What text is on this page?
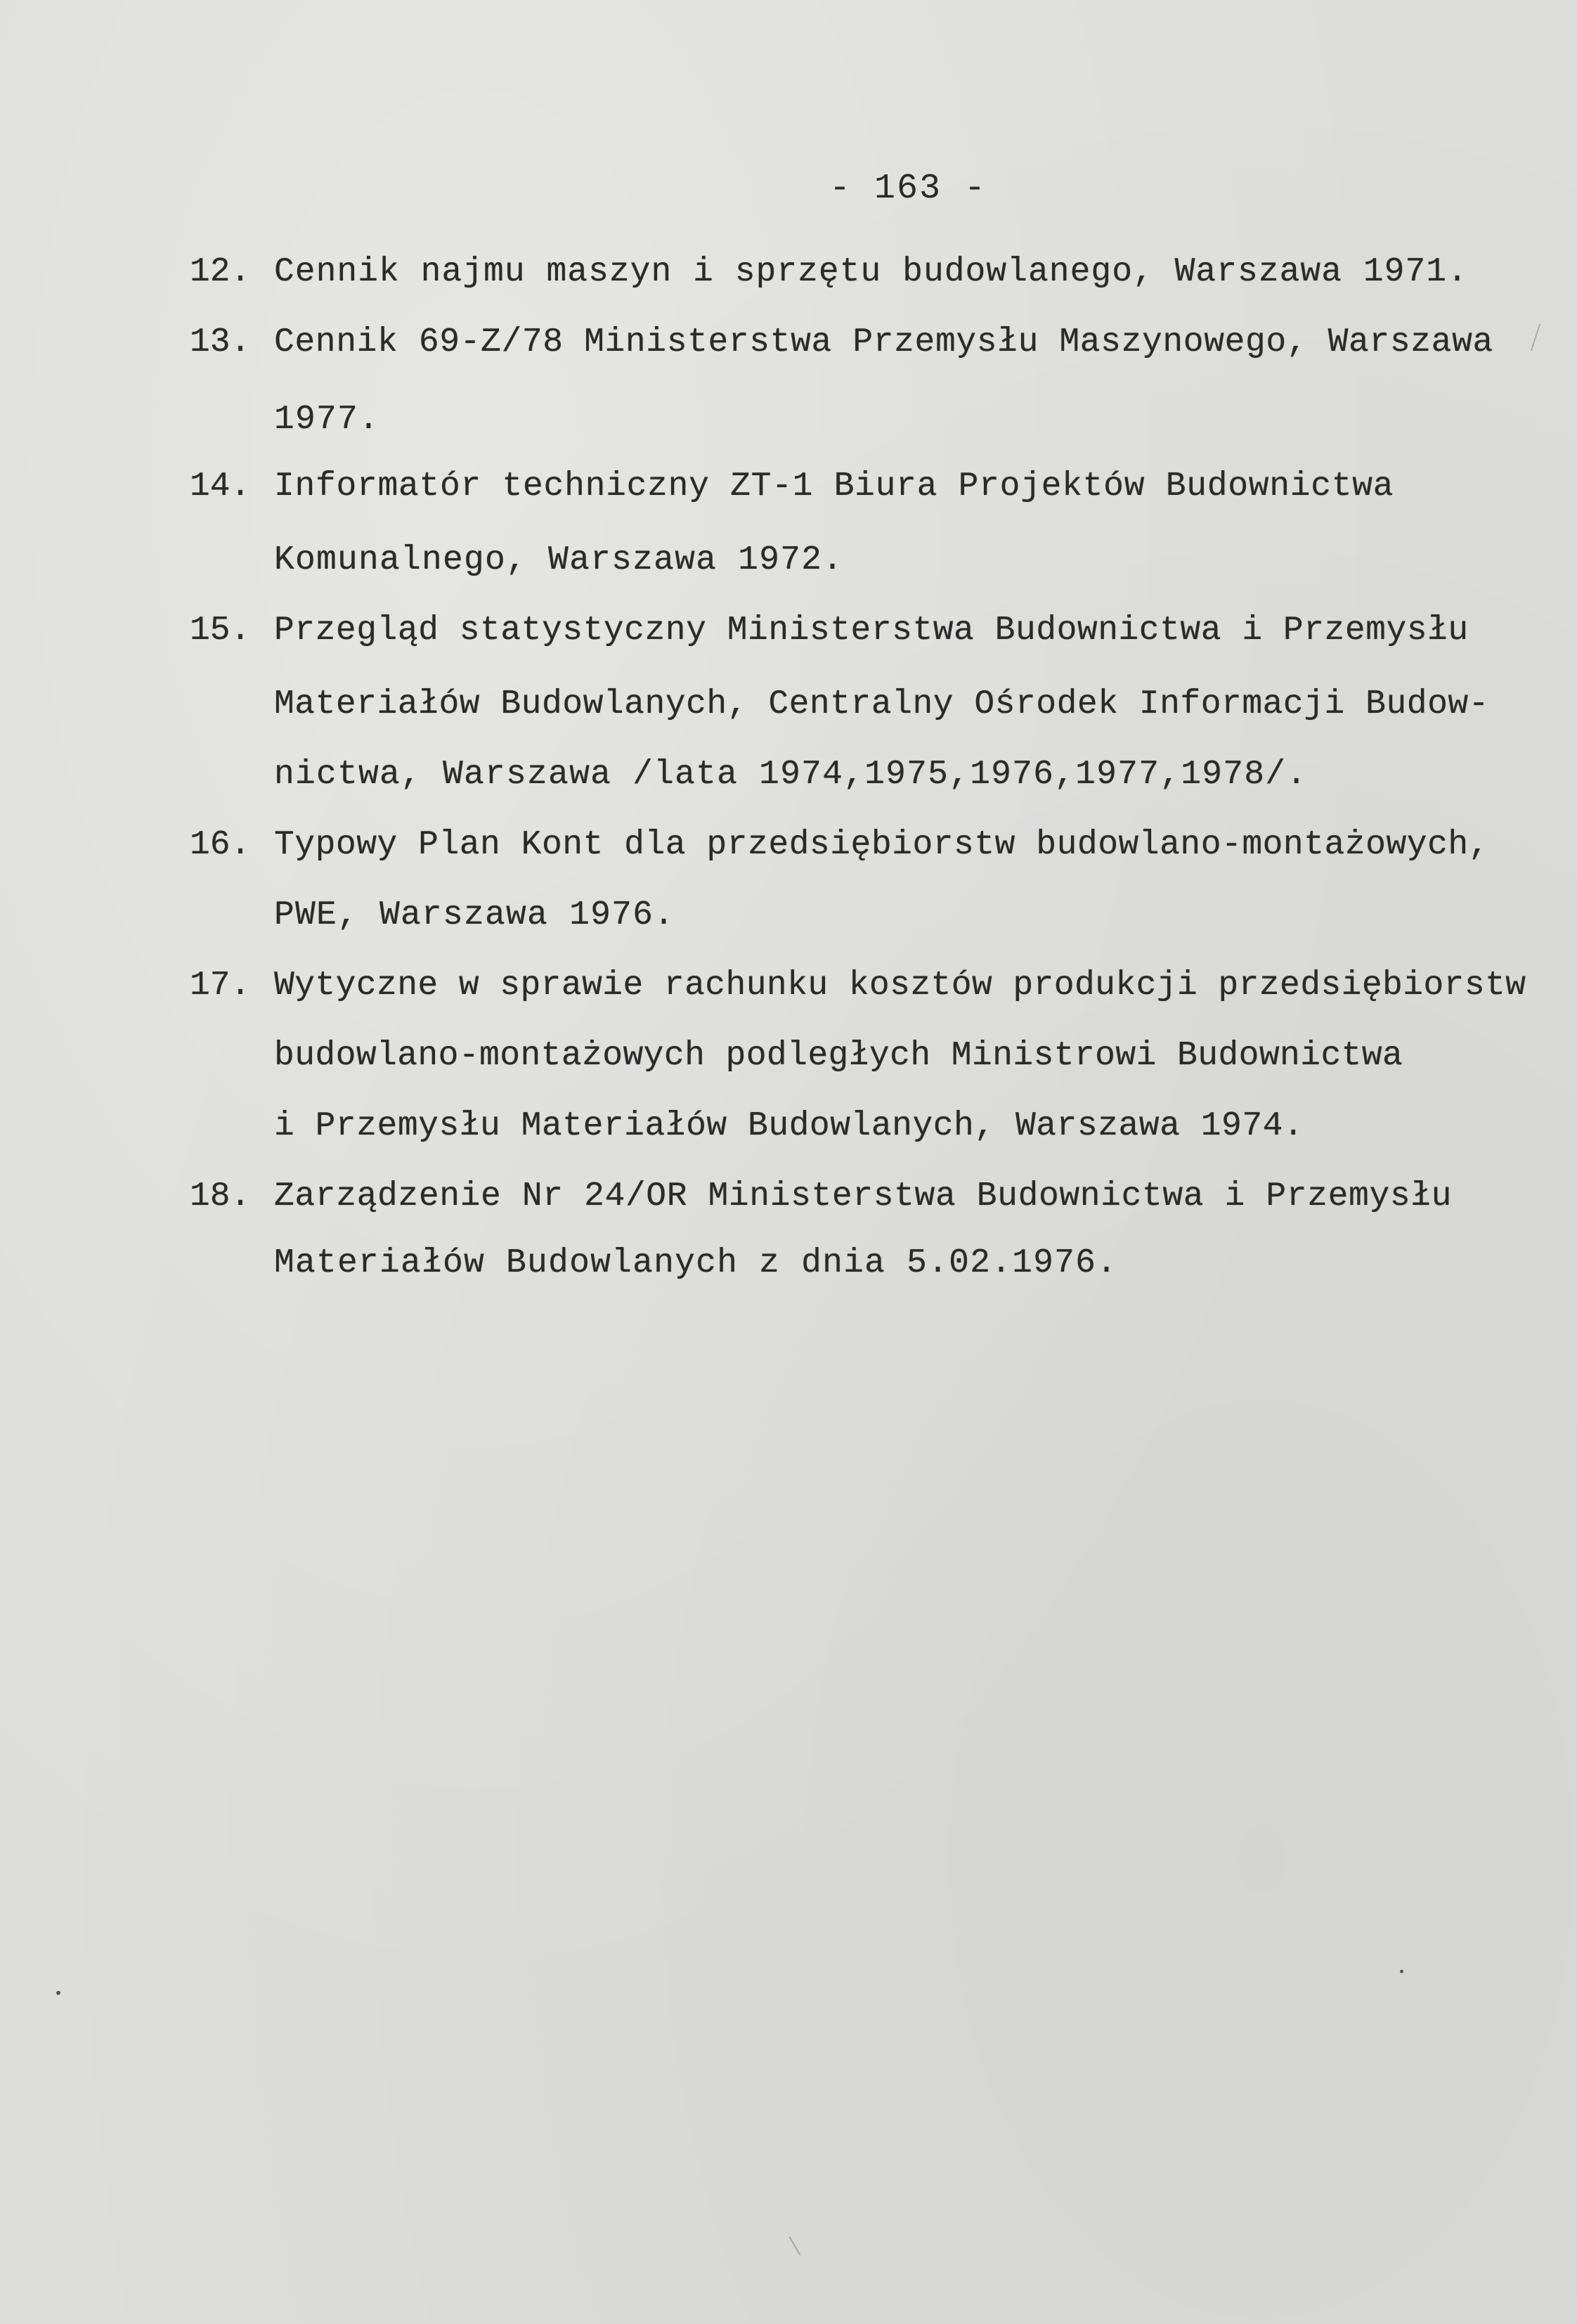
- 163 -
12. Cennik najmu maszyn i sprzętu budowlanego, Warszawa 1971.
13. Cennik 69-Z/78 Ministerstwa Przemysłu Maszynowego, Warszawa
1977.
14. Informatór techniczny ZT-1 Biura Projektów Budownictwa
Komunalnego, Warszawa 1972.
15. Przegląd statystyczny Ministerstwa Budownictwa i Przemysłu
Materiałów Budowlanych, Centralny Ośrodek Informacji Budow-
nictwa, Warszawa /lata 1974,1975,1976,1977,1978/.
16. Typowy Plan Kont dla przedsiębiorstw budowlano-montażowych,
PWE, Warszawa 1976.
17. Wytyczne w sprawie rachunku kosztów produkcji przedsiębiorstw
budowlano-montażowych podległych Ministrowi Budownictwa
i Przemysłu Materiałów Budowlanych, Warszawa 1974.
18. Zarządzenie Nr 24/OR Ministerstwa Budownictwa i Przemysłu
Materiałów Budowlanych z dnia 5.02.1976.
